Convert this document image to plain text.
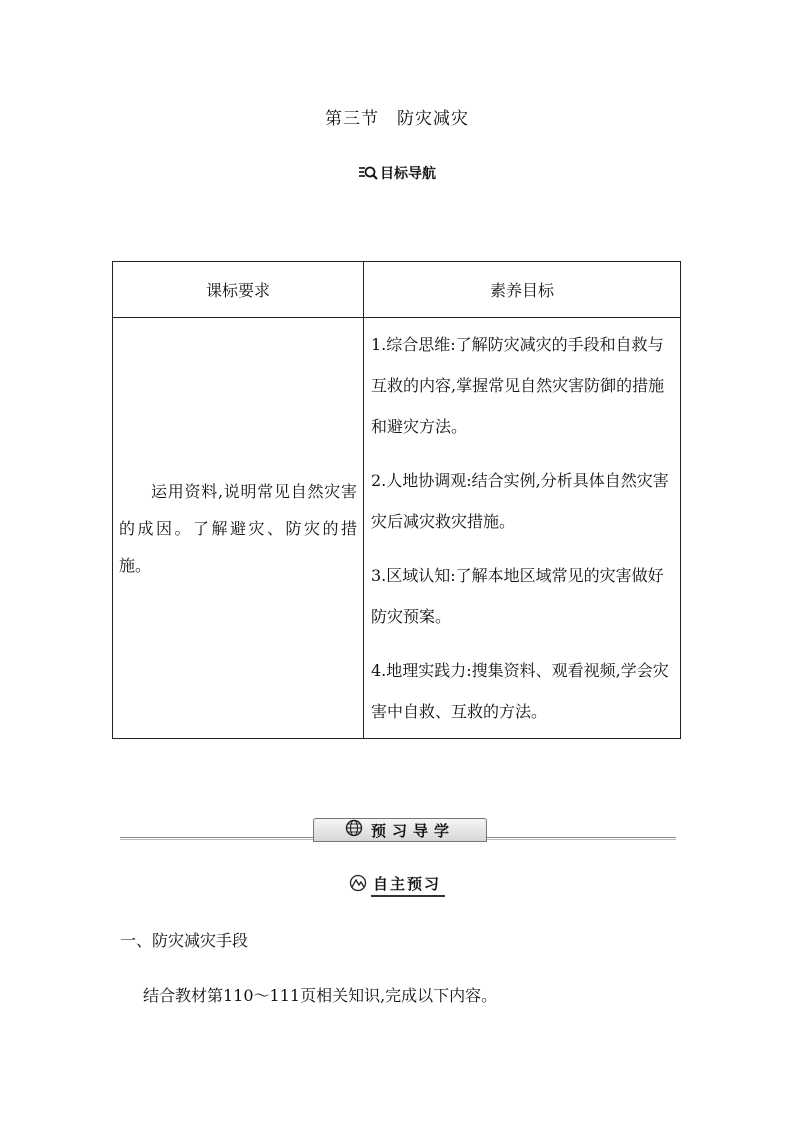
第三节　防灾减灾
目标导航
课标要求	素养目标

运用资料,说明常见自然灾害的成因。了解避灾、防灾的措施。	1.综合思维:了解防灾减灾的手段和自救与互救的内容,掌握常见自然灾害防御的措施和避灾方法。
2.人地协调观:结合实例,分析具体自然灾害灾后减灾救灾措施。
3.区域认知:了解本地区域常见的灾害做好防灾预案。
4.地理实践力:搜集资料、观看视频,学会灾害中自救、互救的方法。
预习导学
自主预习
一、防灾减灾手段
结合教材第110～111页相关知识,完成以下内容。
